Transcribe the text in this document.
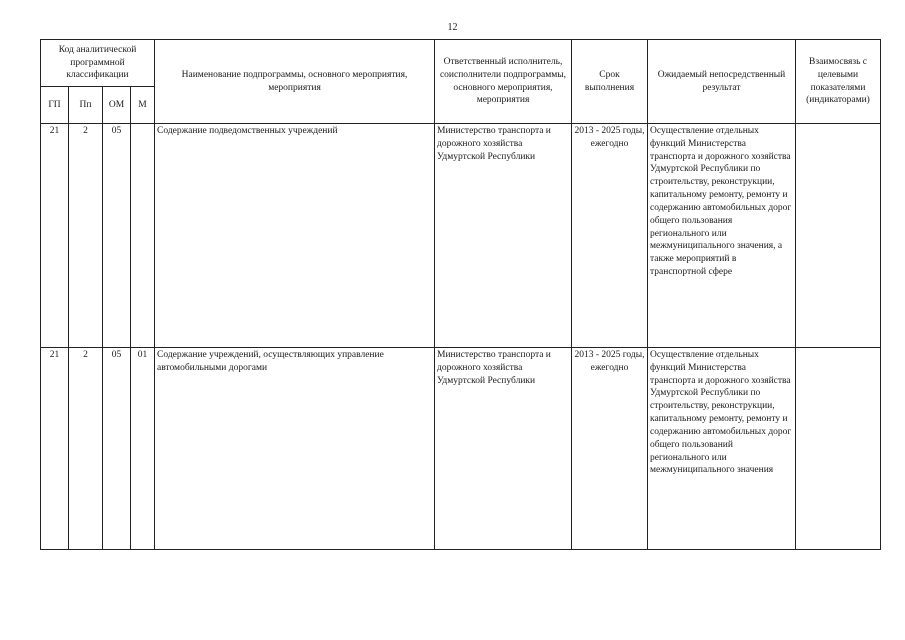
12
Код аналитической программной классификации				Наименование подпрограммы, основного мероприятия, мероприятия	Ответственный исполнитель, соисполнители подпрограммы, основного мероприятия, мероприятия	Срок выполнения	Ожидаемый непосредственный результат	Взаимосвязь с целевыми показателями (индикаторами)
ГП	Пп	ОМ	М					
21	2	05		Содержание подведомственных учреждений	Министерство транспорта и дорожного хозяйства Удмуртской Республики	2013 - 2025 годы, ежегодно	Осуществление отдельных функций Министерства транспорта и дорожного хозяйства Удмуртской Республики по строительству, реконструкции, капитальному ремонту, ремонту и содержанию автомобильных дорог общего пользования регионального или межмуниципального значения, а также мероприятий в транспортной сфере	
21	2	05	01	Содержание учреждений, осуществляющих управление автомобильными дорогами	Министерство транспорта и дорожного хозяйства Удмуртской Республики	2013 - 2025 годы, ежегодно	Осуществление отдельных функций Министерства транспорта и дорожного хозяйства Удмуртской Республики по строительству, реконструкции, капитальному ремонту, ремонту и содержанию автомобильных дорог общего пользований регионального или межмуниципального значения	
